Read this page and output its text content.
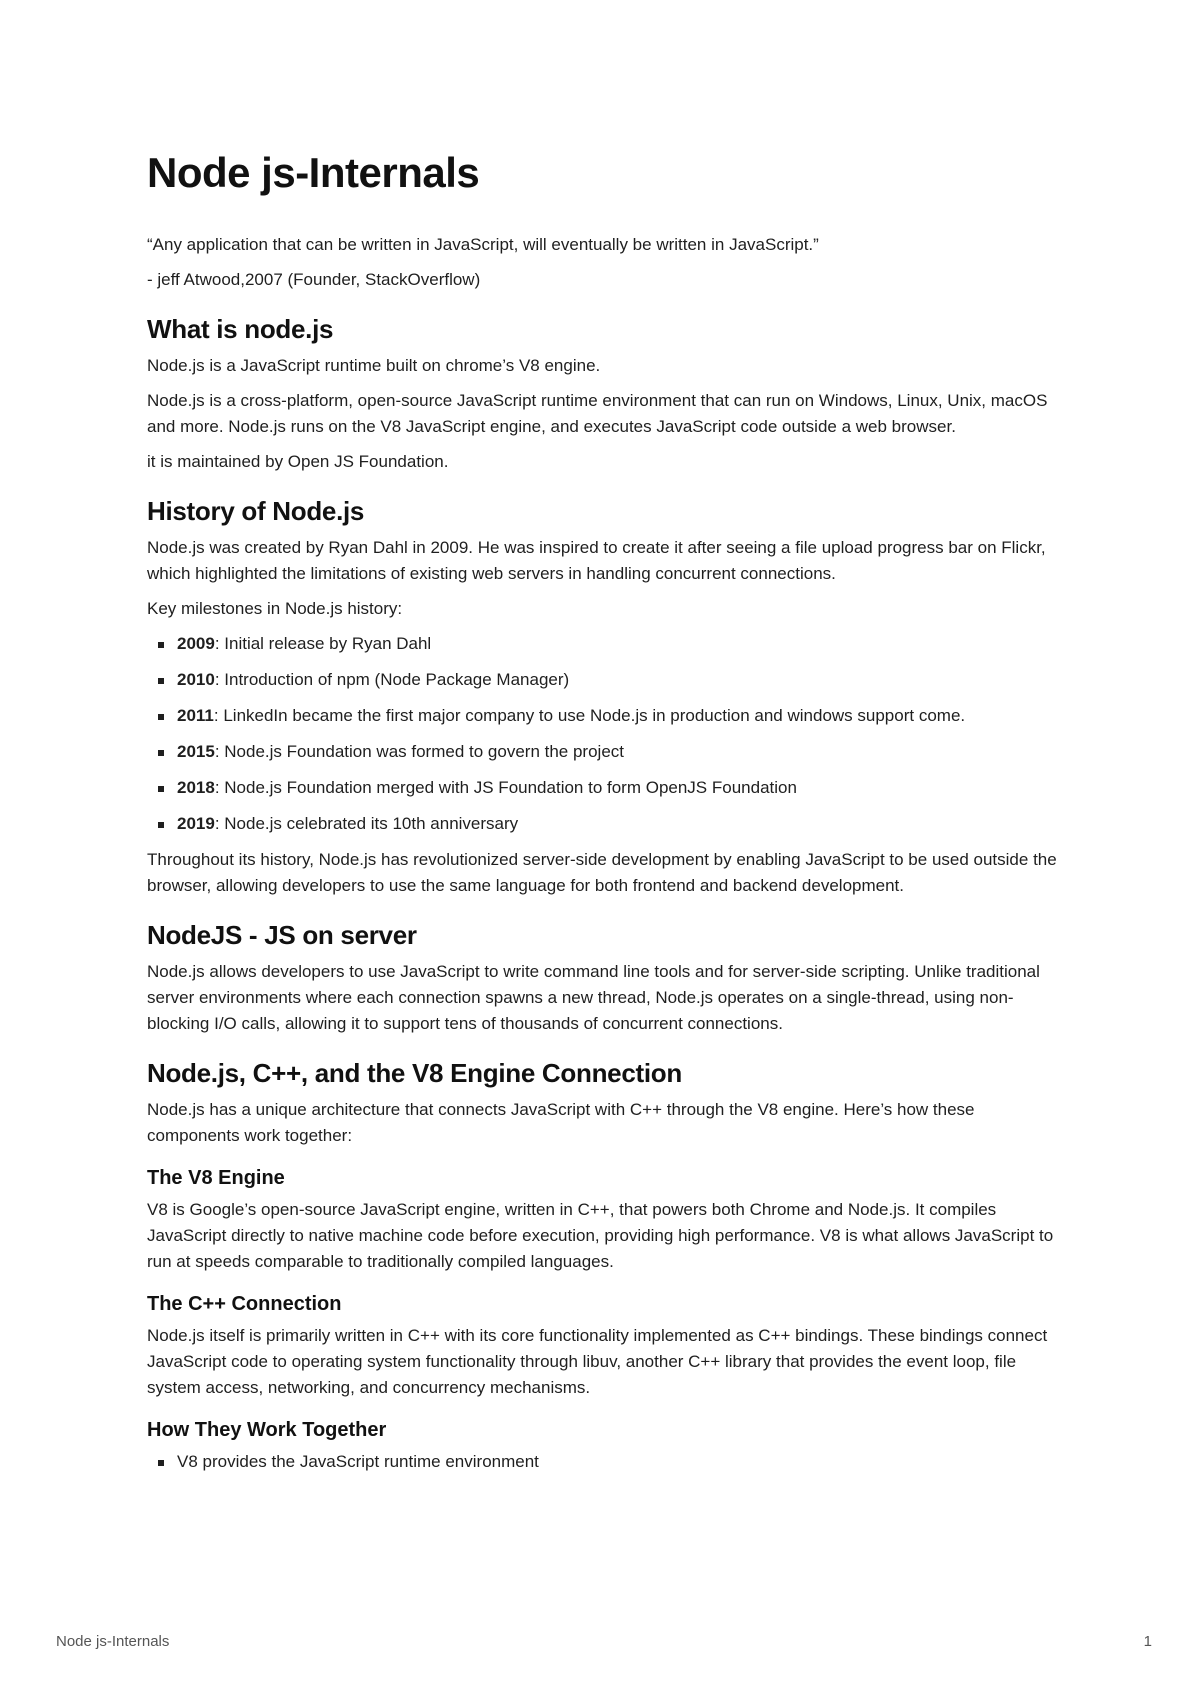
Node js-Internals

“Any application that can be written in JavaScript, will eventually be written in JavaScript.”

- jeff Atwood,2007 (Founder, StackOverflow)

What is node.js

Node.js is a JavaScript runtime built on chrome’s V8 engine.

Node.js is a cross-platform, open-source JavaScript runtime environment that can run on Windows, Linux, Unix, macOS and more. Node.js runs on the V8 JavaScript engine, and executes JavaScript code outside a web browser.

it is maintained by Open JS Foundation.

History of Node.js

Node.js was created by Ryan Dahl in 2009. He was inspired to create it after seeing a file upload progress bar on Flickr, which highlighted the limitations of existing web servers in handling concurrent connections.

Key milestones in Node.js history:

2009: Initial release by Ryan Dahl
2010: Introduction of npm (Node Package Manager)
2011: LinkedIn became the first major company to use Node.js in production and windows support come.
2015: Node.js Foundation was formed to govern the project
2018: Node.js Foundation merged with JS Foundation to form OpenJS Foundation
2019: Node.js celebrated its 10th anniversary

Throughout its history, Node.js has revolutionized server-side development by enabling JavaScript to be used outside the browser, allowing developers to use the same language for both frontend and backend development.

NodeJS - JS on server

Node.js allows developers to use JavaScript to write command line tools and for server-side scripting. Unlike traditional server environments where each connection spawns a new thread, Node.js operates on a single-thread, using non-blocking I/O calls, allowing it to support tens of thousands of concurrent connections.

Node.js, C++, and the V8 Engine Connection

Node.js has a unique architecture that connects JavaScript with C++ through the V8 engine. Here’s how these components work together:

The V8 Engine

V8 is Google’s open-source JavaScript engine, written in C++, that powers both Chrome and Node.js. It compiles JavaScript directly to native machine code before execution, providing high performance. V8 is what allows JavaScript to run at speeds comparable to traditionally compiled languages.

The C++ Connection

Node.js itself is primarily written in C++ with its core functionality implemented as C++ bindings. These bindings connect JavaScript code to operating system functionality through libuv, another C++ library that provides the event loop, file system access, networking, and concurrency mechanisms.

How They Work Together
V8 provides the JavaScript runtime environment
Node js-Internals	1
